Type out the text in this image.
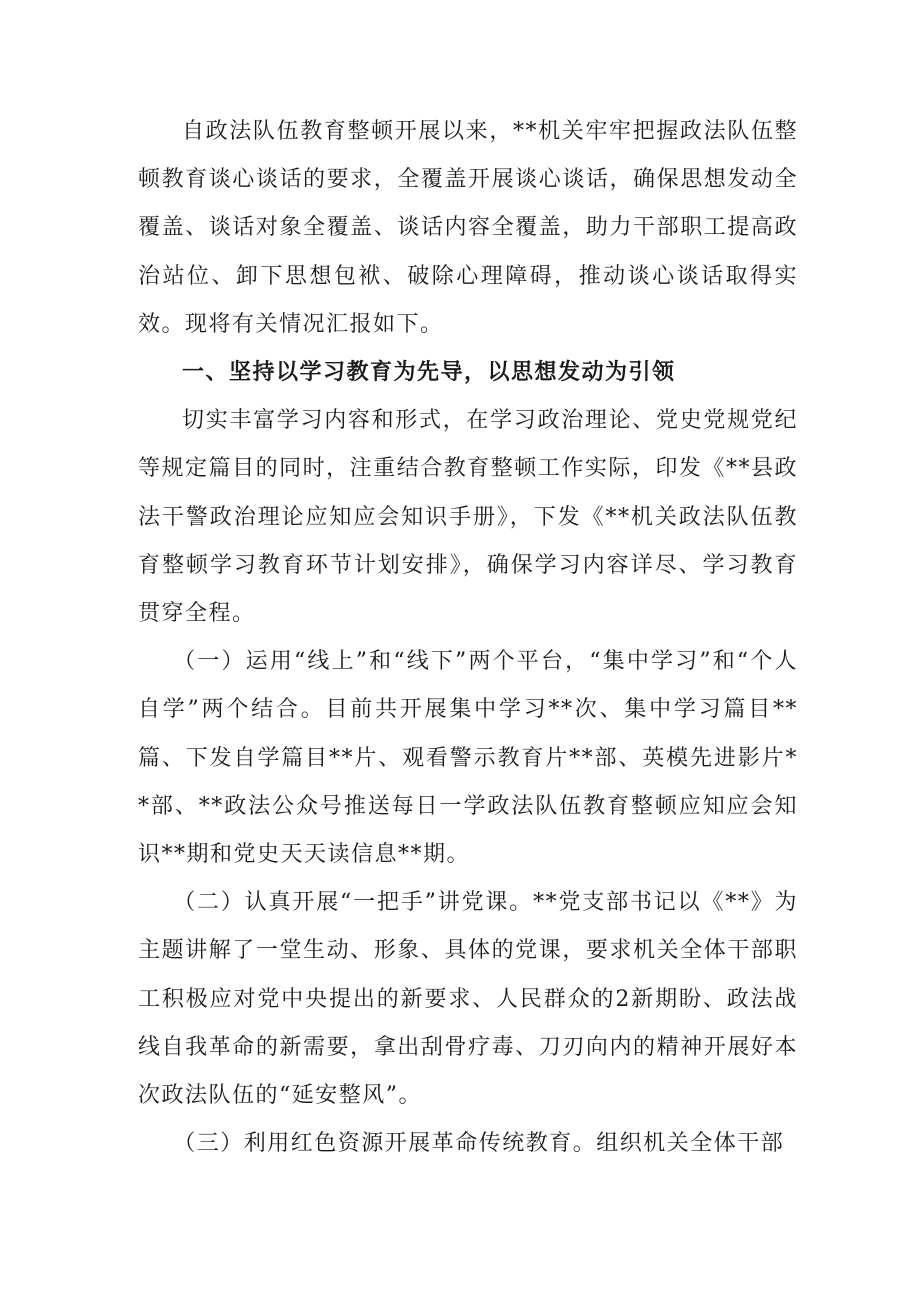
自政法队伍教育整顿开展以来，**机关牢牢把握政法队伍整顿教育谈心谈话的要求，全覆盖开展谈心谈话，确保思想发动全覆盖、谈话对象全覆盖、谈话内容全覆盖，助力干部职工提高政治站位、卸下思想包袱、破除心理障碍，推动谈心谈话取得实效。现将有关情况汇报如下。

一、坚持以学习教育为先导，以思想发动为引领

切实丰富学习内容和形式，在学习政治理论、党史党规党纪等规定篇目的同时，注重结合教育整顿工作实际，印发《**县政法干警政治理论应知应会知识手册》，下发《**机关政法队伍教育整顿学习教育环节计划安排》，确保学习内容详尽、学习教育贯穿全程。

（一）运用“线上”和“线下”两个平台，“集中学习”和“个人自学”两个结合。目前共开展集中学习**次、集中学习篇目**篇、下发自学篇目**片、观看警示教育片**部、英模先进影片**部、**政法公众号推送每日一学政法队伍教育整顿应知应会知识**期和党史天天读信息**期。

（二）认真开展“一把手”讲党课。**党支部书记以《**》为主题讲解了一堂生动、形象、具体的党课，要求机关全体干部职工积极应对党中央提出的新要求、人民群众的2新期盼、政法战线自我革命的新需要，拿出刮骨疗毒、刀刃向内的精神开展好本次政法队伍的“延安整风”。

（三）利用红色资源开展革命传统教育。组织机关全体干部
